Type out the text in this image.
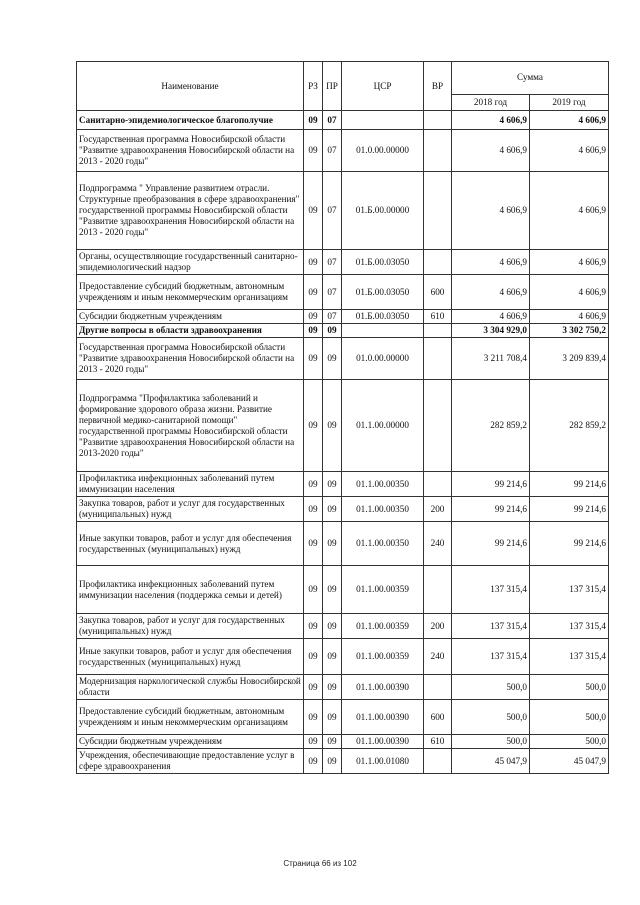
Наименование	РЗ	ПР	ЦСР	ВР	Сумма	
					2018 год	2019 год
Санитарно-эпидемиологическое благополучие	09	07			4 606,9	4 606,9
Государственная программа Новосибирской области "Развитие здравоохранения Новосибирской области на 2013 - 2020 годы"	09	07	01.0.00.00000		4 606,9	4 606,9
Подпрограмма " Управление развитием отрасли. Структурные преобразования в сфере здравоохранения" государственной программы Новосибирской области "Развитие здравоохранения Новосибирской области на 2013 - 2020 годы"	09	07	01.Б.00.00000		4 606,9	4 606,9
Органы, осуществляющие государственный санитарно-эпидемиологический надзор	09	07	01.Б.00.03050		4 606,9	4 606,9
Предоставление субсидий бюджетным, автономным учреждениям и иным некоммерческим организациям	09	07	01.Б.00.03050	600	4 606,9	4 606,9
Субсидии бюджетным учреждениям	09	07	01.Б.00.03050	610	4 606,9	4 606,9
Другие вопросы в области здравоохранения	09	09			3 304 929,0	3 302 750,2
Государственная программа Новосибирской области "Развитие здравоохранения Новосибирской области на 2013 - 2020 годы"	09	09	01.0.00.00000		3 211 708,4	3 209 839,4
Подпрограмма "Профилактика заболеваний и формирование здорового образа жизни. Развитие первичной медико-санитарной помощи" государственной программы Новосибирской области "Развитие здравоохранения Новосибирской области на 2013-2020 годы"	09	09	01.1.00.00000		282 859,2	282 859,2
Профилактика инфекционных заболеваний путем иммунизации населения	09	09	01.1.00.00350		99 214,6	99 214,6
Закупка товаров, работ и услуг для государственных (муниципальных) нужд	09	09	01.1.00.00350	200	99 214,6	99 214,6
Иные закупки товаров, работ и услуг для обеспечения государственных (муниципальных) нужд	09	09	01.1.00.00350	240	99 214,6	99 214,6
Профилактика инфекционных заболеваний путем иммунизации населения (поддержка семьи и детей)	09	09	01.1.00.00359		137 315,4	137 315,4
Закупка товаров, работ и услуг для государственных (муниципальных) нужд	09	09	01.1.00.00359	200	137 315,4	137 315,4
Иные закупки товаров, работ и услуг для обеспечения государственных (муниципальных) нужд	09	09	01.1.00.00359	240	137 315,4	137 315,4
Модернизация наркологической службы Новосибирской области	09	09	01.1.00.00390		500,0	500,0
Предоставление субсидий бюджетным, автономным учреждениям и иным некоммерческим организациям	09	09	01.1.00.00390	600	500,0	500,0
Субсидии бюджетным учреждениям	09	09	01.1.00.00390	610	500,0	500,0
Учреждения, обеспечивающие предоставление услуг в сфере здравоохранения	09	09	01.1.00.01080		45 047,9	45 047,9
Страница 66 из 102
